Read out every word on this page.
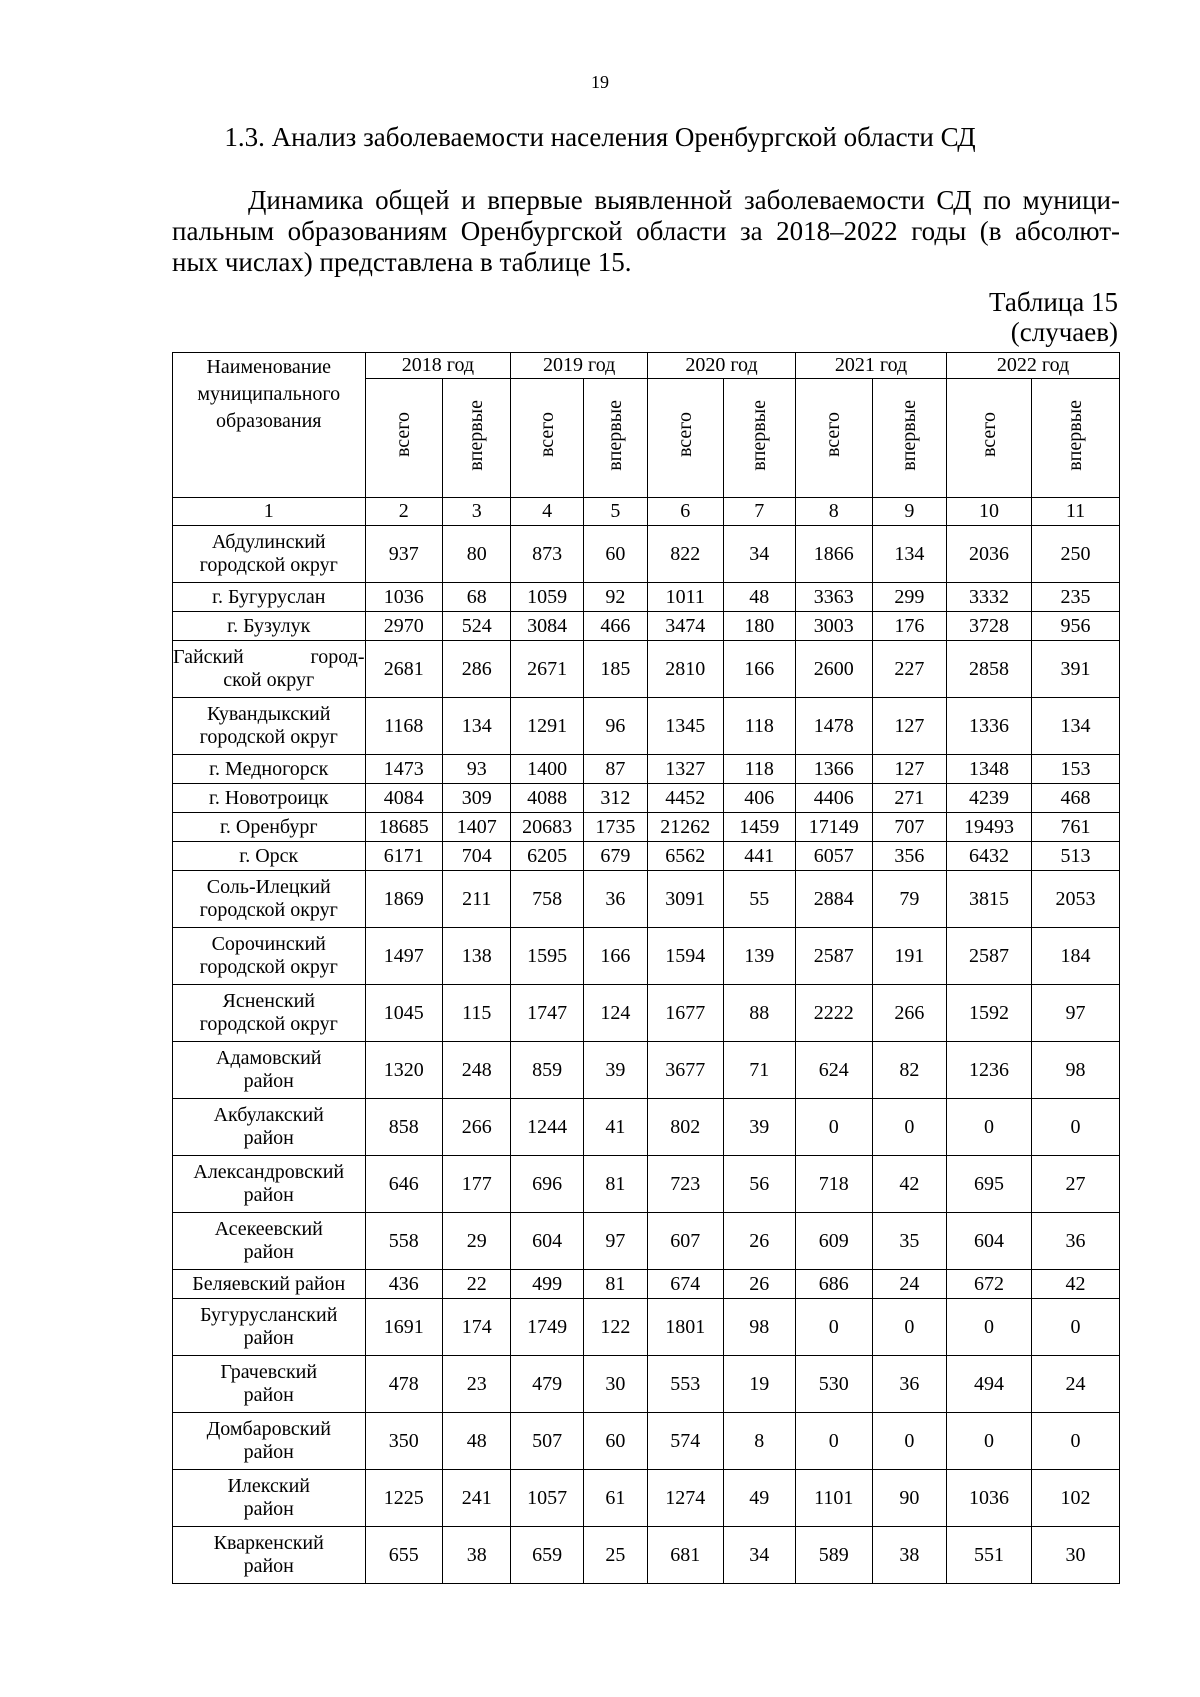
19
1.3. Анализ заболеваемости населения Оренбургской области СД
Динамика общей и впервые выявленной заболеваемости СД по муници-
пальным образованиям Оренбургской области за 2018–2022 годы (в абсолют-
ных числах) представлена в таблице 15.
Таблица 15
(случаев)
Наименование муниципального образования	2018 год		2019 год		2020 год		2021 год		2022 год	
	всего	впервые	всего	впервые	всего	впервые	всего	впервые	всего	впервые
1	2	3	4	5	6	7	8	9	10	11

Абдулинский
городской округ	937	80	873	60	822	34	1866	134	2036	250

г. Бугуруслан	1036	68	1059	92	1011	48	3363	299	3332	235

г. Бузулук	2970	524	3084	466	3474	180	3003	176	3728	956

Гайский город-
ской округ	2681	286	2671	185	2810	166	2600	227	2858	391

Кувандыкский
городской округ	1168	134	1291	96	1345	118	1478	127	1336	134

г. Медногорск	1473	93	1400	87	1327	118	1366	127	1348	153

г. Новотроицк	4084	309	4088	312	4452	406	4406	271	4239	468

г. Оренбург	18685	1407	20683	1735	21262	1459	17149	707	19493	761

г. Орск	6171	704	6205	679	6562	441	6057	356	6432	513

Соль-Илецкий
городской округ	1869	211	758	36	3091	55	2884	79	3815	2053

Сорочинский
городской округ	1497	138	1595	166	1594	139	2587	191	2587	184

Ясненский
городской округ	1045	115	1747	124	1677	88	2222	266	1592	97

Адамовский
район	1320	248	859	39	3677	71	624	82	1236	98

Акбулакский
район	858	266	1244	41	802	39	0	0	0	0

Александровский
район	646	177	696	81	723	56	718	42	695	27

Асекеевский
район	558	29	604	97	607	26	609	35	604	36

Беляевский район	436	22	499	81	674	26	686	24	672	42

Бугурусланский
район	1691	174	1749	122	1801	98	0	0	0	0

Грачевский
район	478	23	479	30	553	19	530	36	494	24

Домбаровский
район	350	48	507	60	574	8	0	0	0	0

Илекский
район	1225	241	1057	61	1274	49	1101	90	1036	102

Кваркенский
район	655	38	659	25	681	34	589	38	551	30
